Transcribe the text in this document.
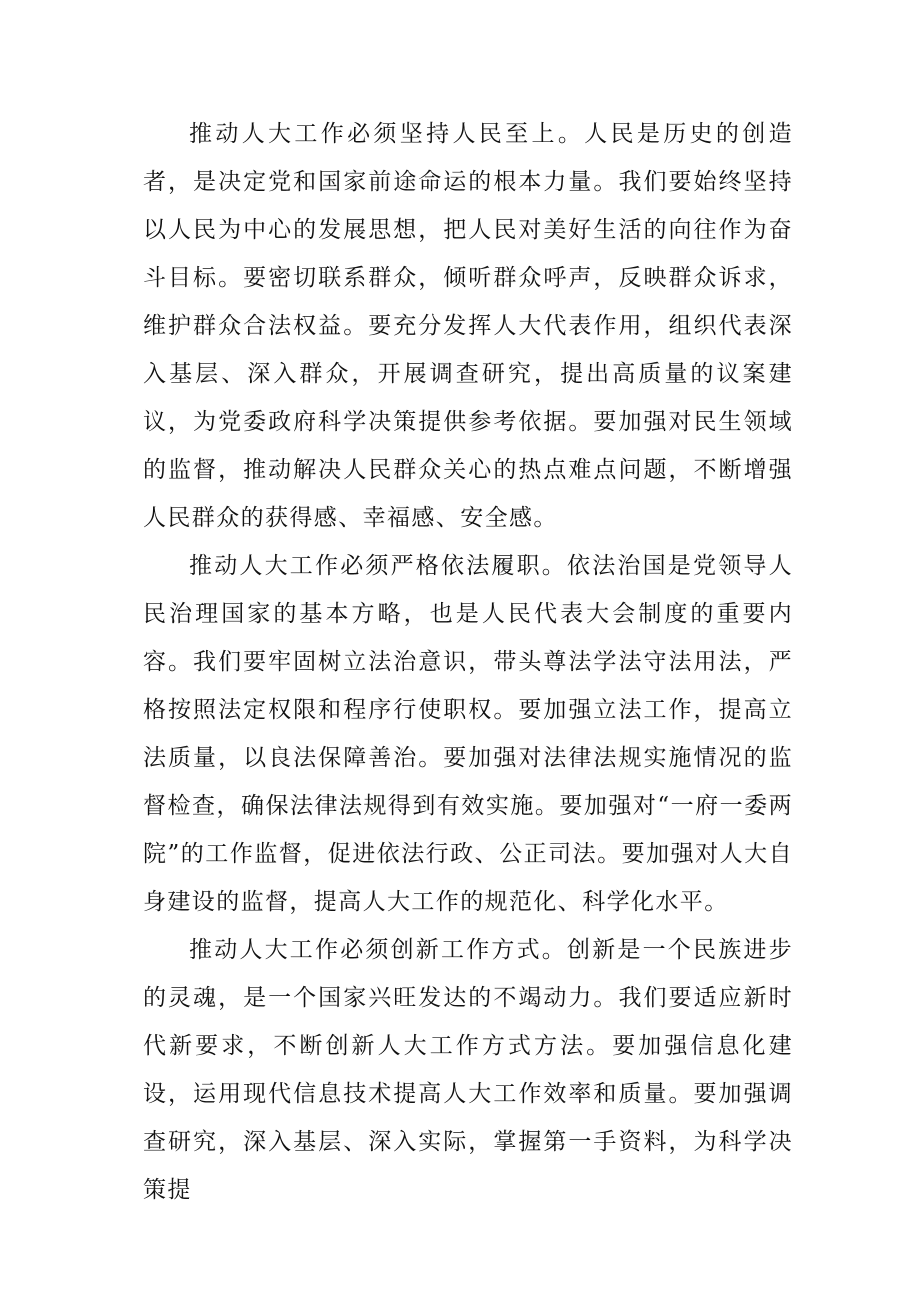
推动人大工作必须坚持人民至上。人民是历史的创造者，是决定党和国家前途命运的根本力量。我们要始终坚持以人民为中心的发展思想，把人民对美好生活的向往作为奋斗目标。要密切联系群众，倾听群众呼声，反映群众诉求，维护群众合法权益。要充分发挥人大代表作用，组织代表深入基层、深入群众，开展调查研究，提出高质量的议案建议，为党委政府科学决策提供参考依据。要加强对民生领域的监督，推动解决人民群众关心的热点难点问题，不断增强人民群众的获得感、幸福感、安全感。

推动人大工作必须严格依法履职。依法治国是党领导人民治理国家的基本方略，也是人民代表大会制度的重要内容。我们要牢固树立法治意识，带头尊法学法守法用法，严格按照法定权限和程序行使职权。要加强立法工作，提高立法质量，以良法保障善治。要加强对法律法规实施情况的监督检查，确保法律法规得到有效实施。要加强对“一府一委两院”的工作监督，促进依法行政、公正司法。要加强对人大自身建设的监督，提高人大工作的规范化、科学化水平。

推动人大工作必须创新工作方式。创新是一个民族进步的灵魂，是一个国家兴旺发达的不竭动力。我们要适应新时代新要求，不断创新人大工作方式方法。要加强信息化建设，运用现代信息技术提高人大工作效率和质量。要加强调查研究，深入基层、深入实际，掌握第一手资料，为科学决策提
